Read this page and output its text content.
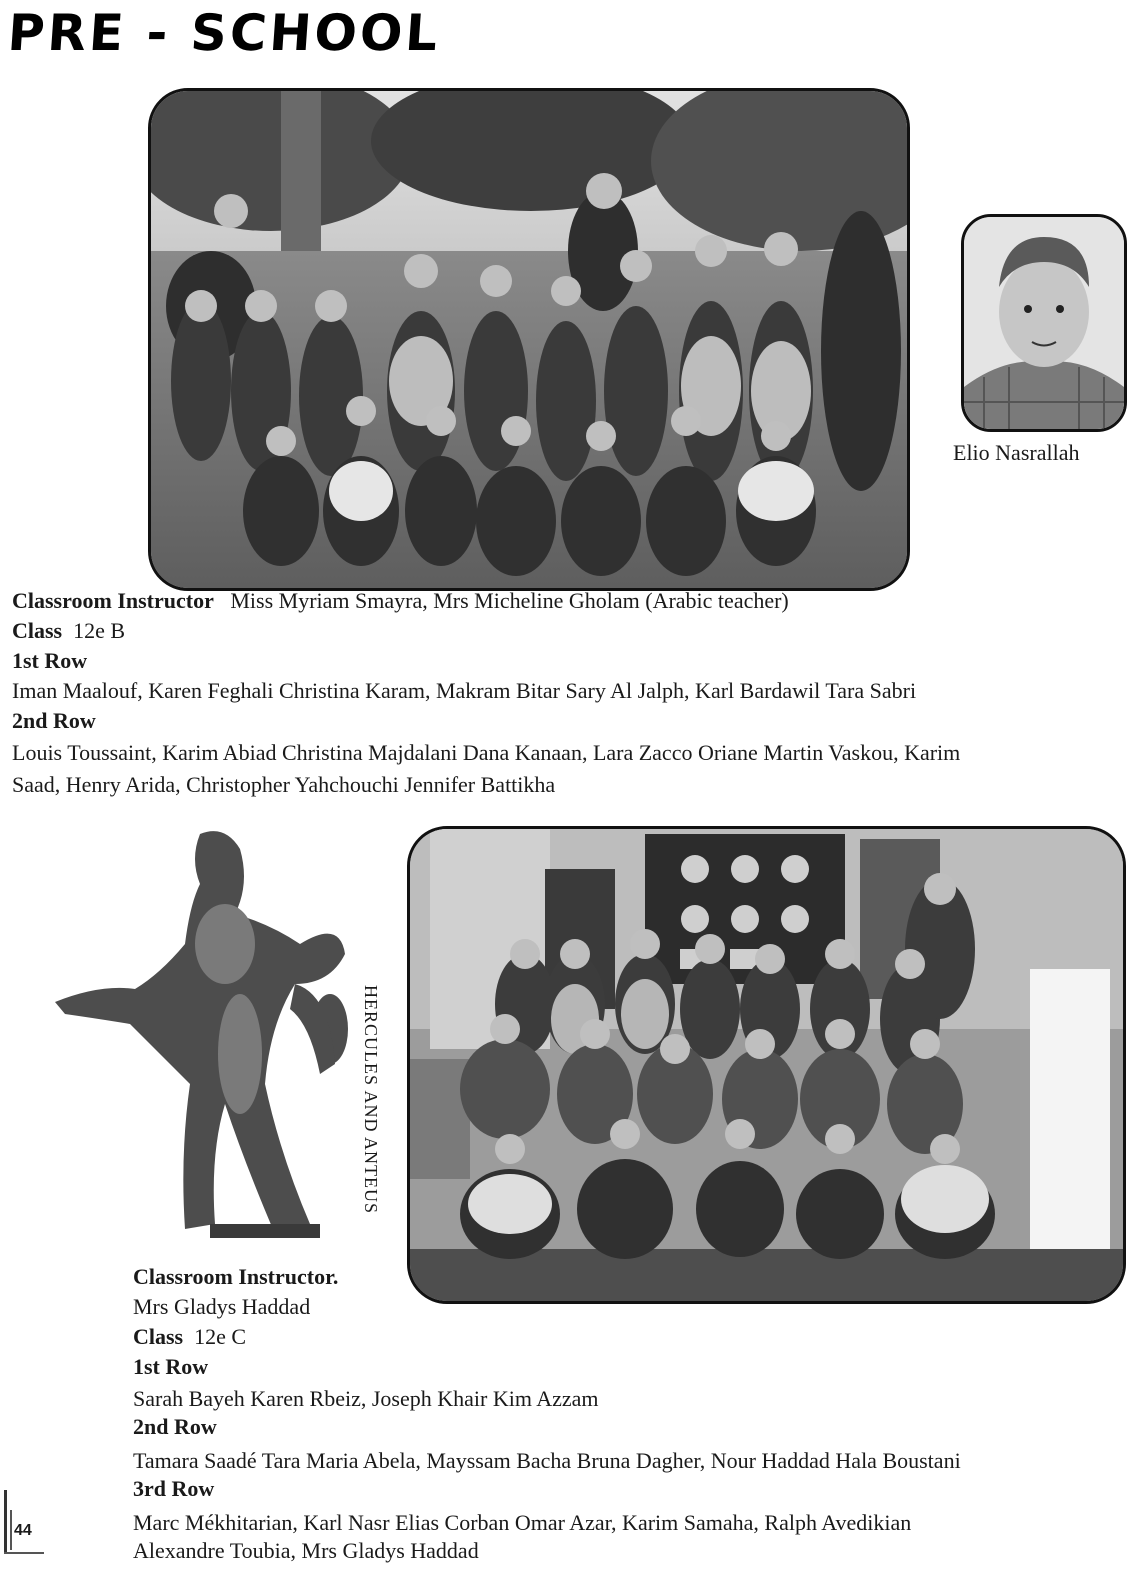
PRE - SCHOOL
Elio Nasrallah
Classroom Instructor Miss Myriam Smayra, Mrs Micheline Gholam (Arabic teacher)
Class 12e B
1st Row
Iman Maalouf, Karen Feghali Christina Karam, Makram Bitar Sary Al Jalph, Karl Bardawil Tara Sabri
2nd Row
Louis Toussaint, Karim Abiad Christina Majdalani Dana Kanaan, Lara Zacco Oriane Martin Vaskou, Karim
Saad, Henry Arida, Christopher Yahchouchi Jennifer Battikha
HERCULES AND ANTEUS
Classroom Instructor.
Mrs Gladys Haddad
Class 12e C
1st Row
Sarah Bayeh Karen Rbeiz, Joseph Khair Kim Azzam
2nd Row
Tamara Saadé Tara Maria Abela, Mayssam Bacha Bruna Dagher, Nour Haddad Hala Boustani
3rd Row
Marc Mékhitarian, Karl Nasr Elias Corban Omar Azar, Karim Samaha, Ralph Avedikian
Alexandre Toubia, Mrs Gladys Haddad
44
